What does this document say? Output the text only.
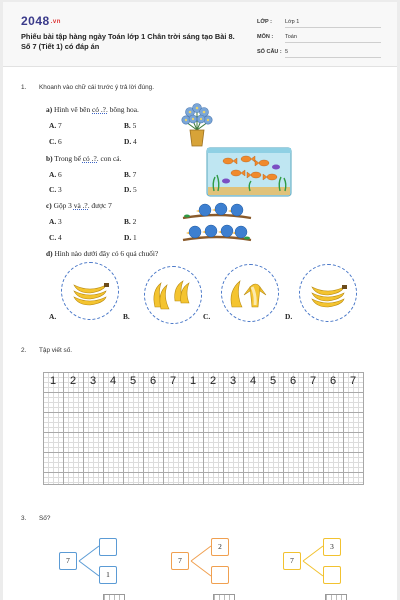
2048.vn
Phiếu bài tập hàng ngày Toán lớp 1 Chân trời sáng tạo Bài 8. Số 7 (Tiết 1) có đáp án
LỚP : Lớp 1
MÔN : Toán
SỐ CÂU : 5
1. Khoanh vào chữ cái trước ý trả lời đúng.
a) Hình vẽ bên có .?. bông hoa.
A. 7	B. 5
C. 6	D. 4
b) Trong bể có .?. con cá.
A. 6	B. 7
C. 3	D. 5
c) Gộp 3 và .?. được 7
A. 3	B. 2
C. 4	D. 1
d) Hình nào dưới đây có 6 quả chuối?
A.	B.	C.	D.
2. Tập viết số.
1	2	3	4	5	6	7	1	2	3	4	5	6	7	6	7
3. Số?
7
1
7
2
7
3
